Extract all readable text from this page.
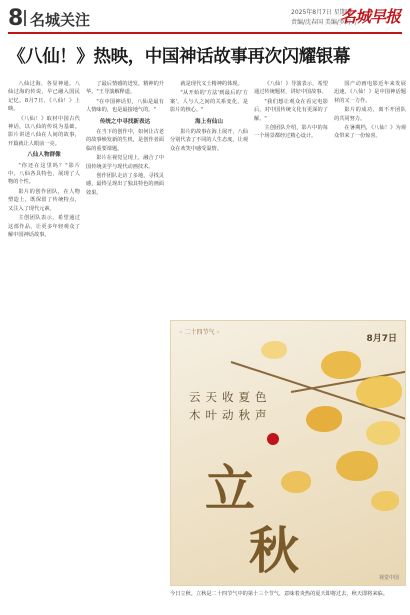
8 名城关注	2025年8月7日 星期四
责编/沈春国 美编/罗刃刃
名城早报
《八仙！》热映，中国神话故事再次闪耀银幕

八仙过海，各显神通。八仙过海的传说，早已融入国民记忆。8月7日，《八仙！》上映。

《八仙！》取材中国古代神话，以八仙的传说为基础。影片讲述八仙在人间的故事，开篇就让人眼前一亮。

八仙人物群像

"你还在这里吗？"影片中，八仙各具特色，展现了人物的个性。

影片的创作团队，在人物塑造上，既保留了传统特点，又注入了现代元素。

主创团队表示，希望通过这部作品，让更多年轻观众了解中国神话故事。

了最后情感的迸发，精神的升华。"王导演解释道。

"在中国神话里，八仙是最有人情味的，也是最接地气的。"

传统之中寻找新表达

在当下的创作中，如何让古老的故事焕发新的生机，是创作者面临的重要课题。

影片在视觉呈现上，融合了中国传统美学与现代动画技术。

创作团队走访了多地，寻找灵感，最终呈现出了独具特色的画面效果。

就是现代义士精神的体现。

"从开始的'方法'到最后的'方案'，人与人之间的关系变化，是影片的核心。"

海上有仙山

影片的故事在海上展开，八仙分别代表了不同的人生态度，让观众在欢笑中感受温情。

《八仙！》导演表示，希望通过传统题材，讲好中国故事。

"我们想让观众在看完电影后，对中国传统文化有更深的了解。"

主创团队介绍，影片中的每一个场景都经过精心设计。

国产动画电影近年来发展迅速，《八仙！》是中国神话题材的又一力作。

影片的成功，离不开团队的共同努力。

在暑期档，《八仙！》为观众带来了一份惊喜。

◦ 二十四节气 ◦
8月7日
云天收夏色
木叶动秋声
立
秋	视觉中国
今日立秋。立秋是二十四节气中的第十三个节气，意味着炎热的夏天即将过去，秋天即将来临。
